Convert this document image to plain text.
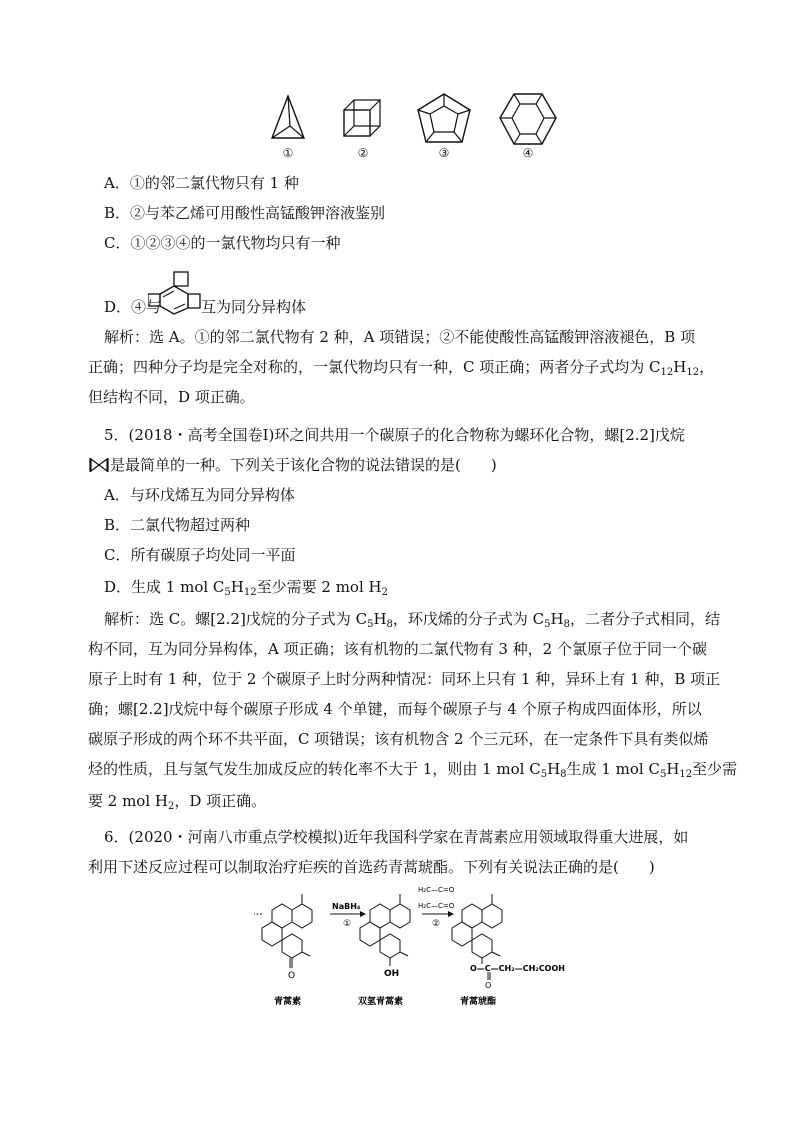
①	②	③	④
A．①的邻二氯代物只有 1 种
B．②与苯乙烯可用酸性高锰酸钾溶液鉴别
C．①②③④的一氯代物均只有一种
D．④与	互为同分异构体
解析：选 A。①的邻二氯代物有 2 种，A 项错误；②不能使酸性高锰酸钾溶液褪色，B 项
正确；四种分子均是完全对称的，一氯代物均只有一种，C 项正确；两者分子式均为 $C_{12}H_{12}$，
但结构不同，D 项正确。
5．(2018・高考全国卷Ⅰ)环之间共用一个碳原子的化合物称为螺环化合物，螺[2.2]戊烷
是最简单的一种。下列关于该化合物的说法错误的是(　　)
A．与环戊烯互为同分异构体
B．二氯代物超过两种
C．所有碳原子均处同一平面
D．生成 1 mol $C_5H_{12}$至少需要 2 mol $H_2$
解析：选 C。螺[2.2]戊烷的分子式为 $C_5H_8$，环戊烯的分子式为 $C_5H_8$，二者分子式相同，结
构不同，互为同分异构体，A 项正确；该有机物的二氯代物有 3 种，2 个氯原子位于同一个碳
原子上时有 1 种，位于 2 个碳原子上时分两种情况：同环上只有 1 种，异环上有 1 种，B 项正
确；螺[2.2]戊烷中每个碳原子形成 4 个单键，而每个碳原子与 4 个原子构成四面体形，所以
碳原子形成的两个环不共平面，C 项错误；该有机物含 2 个三元环，在一定条件下具有类似烯
烃的性质，且与氢气发生加成反应的转化率不大于 1，则由 1 mol $C_5H_8$生成 1 mol $C_5H_{12}$至少需
要 2 mol $H_2$，D 项正确。
6．(2020・河南八市重点学校模拟)近年我国科学家在青蒿素应用领域取得重大进展，如
利用下述反应过程可以制取治疗疟疾的首选药青蒿琥酯。下列有关说法正确的是(　　)
O
NaBH₄
①
OH
H₂C—C=O
H₂C—C=O
②
O—C—CH₂—CH₂COOH
O
青蒿素	双氢青蒿素	青蒿琥酯
